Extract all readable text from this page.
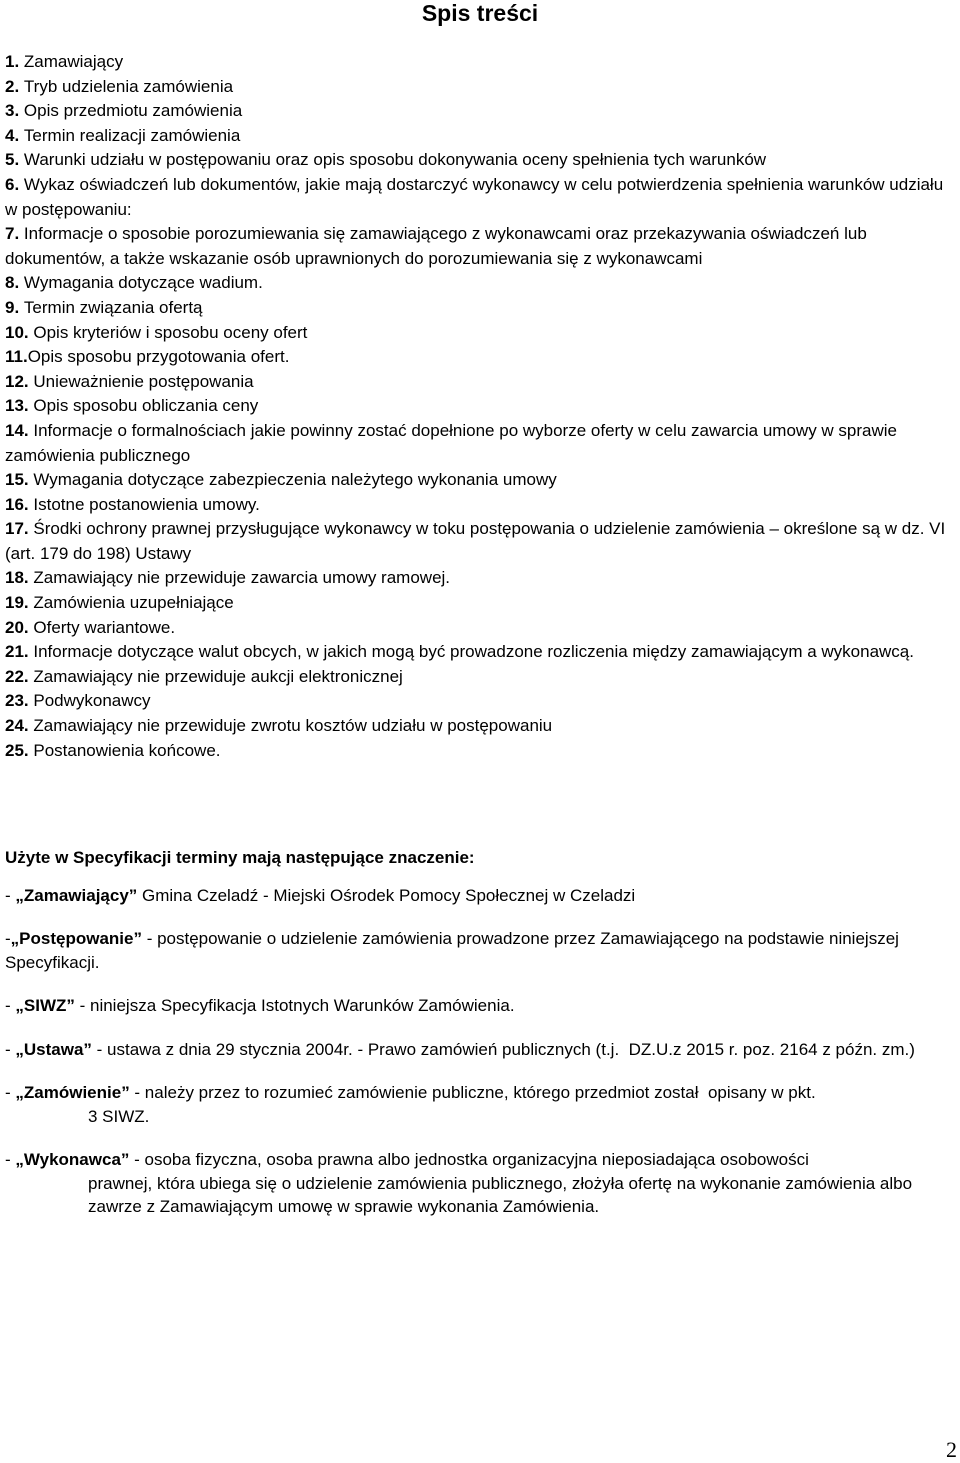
Spis treści
1. Zamawiający
2. Tryb udzielenia zamówienia
3. Opis przedmiotu zamówienia
4. Termin realizacji zamówienia
5. Warunki udziału w postępowaniu oraz opis sposobu dokonywania oceny spełnienia tych warunków
6. Wykaz oświadczeń lub dokumentów, jakie mają dostarczyć wykonawcy w celu potwierdzenia spełnienia warunków udziału w postępowaniu:
7. Informacje o sposobie porozumiewania się zamawiającego z wykonawcami oraz przekazywania oświadczeń lub dokumentów, a także wskazanie osób uprawnionych do porozumiewania się z wykonawcami
8. Wymagania dotyczące wadium.
9. Termin związania ofertą
10. Opis kryteriów i sposobu oceny ofert
11.Opis sposobu przygotowania ofert.
12. Unieważnienie postępowania
13. Opis sposobu obliczania ceny
14. Informacje o formalnościach jakie powinny zostać dopełnione po wyborze oferty w celu zawarcia umowy w sprawie zamówienia publicznego
15. Wymagania dotyczące zabezpieczenia należytego wykonania umowy
16. Istotne postanowienia umowy.
17. Środki ochrony prawnej przysługujące wykonawcy w toku postępowania o udzielenie zamówienia – określone są w dz. VI (art. 179 do 198) Ustawy
18. Zamawiający nie przewiduje zawarcia umowy ramowej.
19. Zamówienia uzupełniające
20. Oferty wariantowe.
21. Informacje dotyczące walut obcych, w jakich mogą być prowadzone rozliczenia między zamawiającym a wykonawcą.
22. Zamawiający nie przewiduje aukcji elektronicznej
23. Podwykonawcy
24. Zamawiający nie przewiduje zwrotu kosztów udziału w postępowaniu
25. Postanowienia końcowe.
Użyte w Specyfikacji terminy mają następujące znaczenie:
- „Zamawiający” Gmina Czeladź - Miejski Ośrodek Pomocy Społecznej w Czeladzi
-„Postępowanie” - postępowanie o udzielenie zamówienia prowadzone przez Zamawiającego na podstawie niniejszej Specyfikacji.
- „SIWZ” - niniejsza Specyfikacja Istotnych Warunków Zamówienia.
- „Ustawa” - ustawa z dnia 29 stycznia 2004r. - Prawo zamówień publicznych (t.j.  DZ.U.z 2015 r. poz. 2164 z późn. zm.)
- „Zamówienie” - należy przez to rozumieć zamówienie publiczne, którego przedmiot został  opisany w pkt.
3 SIWZ.
- „Wykonawca” - osoba fizyczna, osoba prawna albo jednostka organizacyjna nieposiadająca osobowości
prawnej, która ubiega się o udzielenie zamówienia publicznego, złożyła ofertę na wykonanie zamówienia albo zawrze z Zamawiającym umowę w sprawie wykonania Zamówienia.
2
